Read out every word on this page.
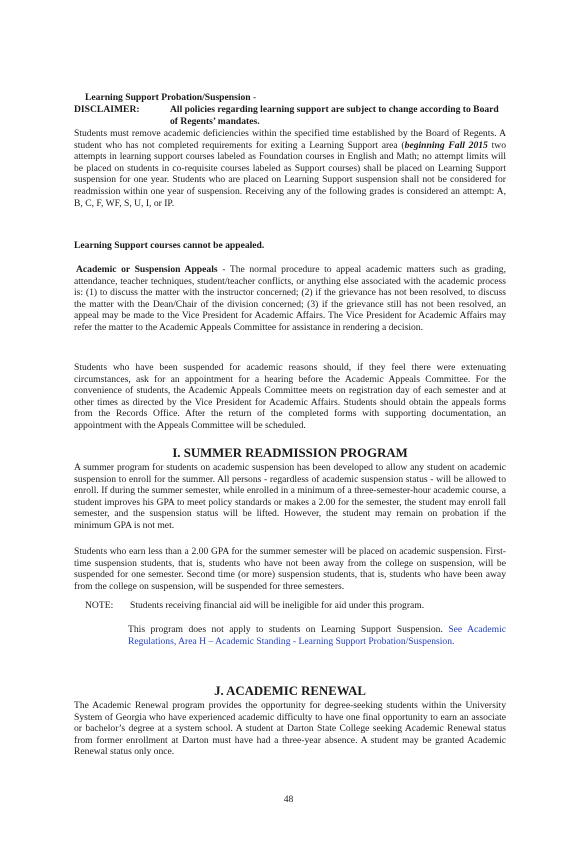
Learning Support Probation/Suspension -

DISCLAIMER:	All policies regarding learning support are subject to change according to Board of Regents’ mandates.

Students must remove academic deficiencies within the specified time established by the Board of Regents. A student who has not completed requirements for exiting a Learning Support area (beginning Fall 2015 two attempts in learning support courses labeled as Foundation courses in English and Math; no attempt limits will be placed on students in co-requisite courses labeled as Support courses) shall be placed on Learning Support suspension for one year. Students who are placed on Learning Support suspension shall not be considered for readmission within one year of suspension. Receiving any of the following grades is considered an attempt: A, B, C, F, WF, S, U, I, or IP.

Learning Support courses cannot be appealed.

Academic or Suspension Appeals - The normal procedure to appeal academic matters such as grading, attendance, teacher techniques, student/teacher conflicts, or anything else associated with the academic process is: (1) to discuss the matter with the instructor concerned; (2) if the grievance has not been resolved, to discuss the matter with the Dean/Chair of the division concerned; (3) if the grievance still has not been resolved, an appeal may be made to the Vice President for Academic Affairs. The Vice President for Academic Affairs may refer the matter to the Academic Appeals Committee for assistance in rendering a decision.

Students who have been suspended for academic reasons should, if they feel there were extenuating circumstances, ask for an appointment for a hearing before the Academic Appeals Committee. For the convenience of students, the Academic Appeals Committee meets on registration day of each semester and at other times as directed by the Vice President for Academic Affairs. Students should obtain the appeals forms from the Records Office. After the return of the completed forms with supporting documentation, an appointment with the Appeals Committee will be scheduled.

I. SUMMER READMISSION PROGRAM

A summer program for students on academic suspension has been developed to allow any student on academic suspension to enroll for the summer. All persons - regardless of academic suspension status - will be allowed to enroll. If during the summer semester, while enrolled in a minimum of a three-semester-hour academic course, a student improves his GPA to meet policy standards or makes a 2.00 for the semester, the student may enroll fall semester, and the suspension status will be lifted. However, the student may remain on probation if the minimum GPA is not met.

Students who earn less than a 2.00 GPA for the summer semester will be placed on academic suspension. First-time suspension students, that is, students who have not been away from the college on suspension, will be suspended for one semester. Second time (or more) suspension students, that is, students who have been away from the college on suspension, will be suspended for three semesters.

NOTE:	Students receiving financial aid will be ineligible for aid under this program.

This program does not apply to students on Learning Support Suspension. See Academic Regulations, Area H – Academic Standing - Learning Support Probation/Suspension.

J. ACADEMIC RENEWAL

The Academic Renewal program provides the opportunity for degree-seeking students within the University System of Georgia who have experienced academic difficulty to have one final opportunity to earn an associate or bachelor’s degree at a system school. A student at Darton State College seeking Academic Renewal status from former enrollment at Darton must have had a three-year absence. A student may be granted Academic Renewal status only once.

48
